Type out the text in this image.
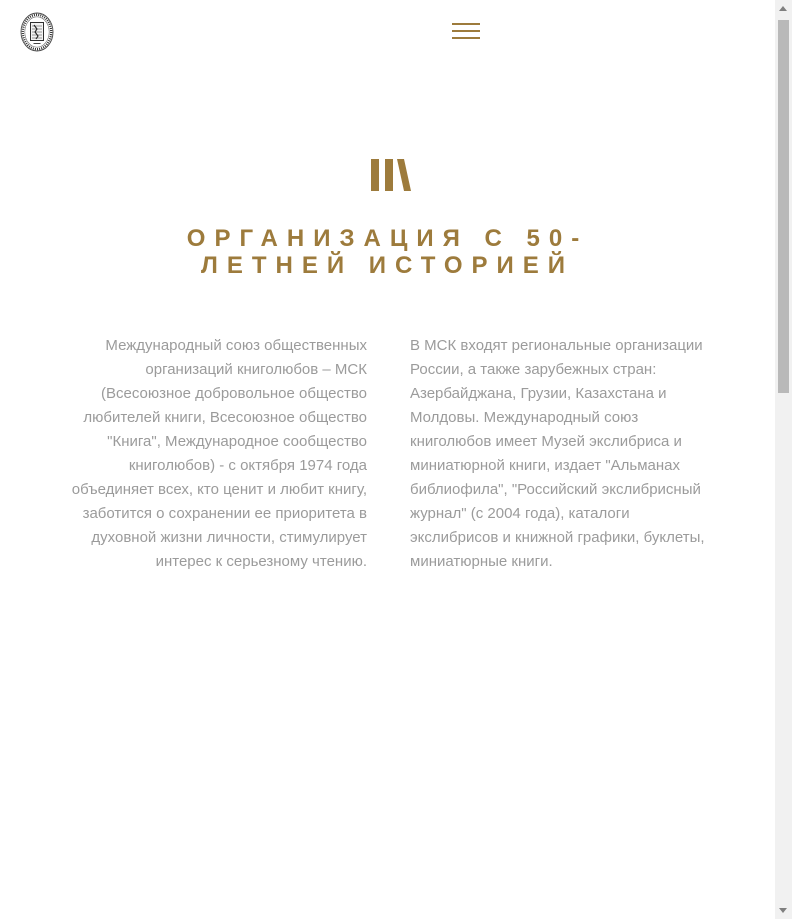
ОРГАНИЗАЦИЯ С 50-
ЛЕТНЕЙ ИСТОРИЕЙ

Международный союз общественных
организаций книголюбов – МСК
(Всесоюзное добровольное общество
любителей книги, Всесоюзное общество
"Книга", Международное сообщество
книголюбов) - с октября 1974 года
объединяет всех, кто ценит и любит книгу,
заботится о сохранении ее приоритета в
духовной жизни личности, стимулирует
интерес к серьезному чтению.

В МСК входят региональные организации
России, а также зарубежных стран:
Азербайджана, Грузии, Казахстана и
Молдовы. Международный союз
книголюбов имеет Музей экслибриса и
миниатюрной книги, издает "Альманах
библиофила", "Российский экслибрисный
журнал" (с 2004 года), каталоги
экслибрисов и книжной графики, буклеты,
миниатюрные книги.
